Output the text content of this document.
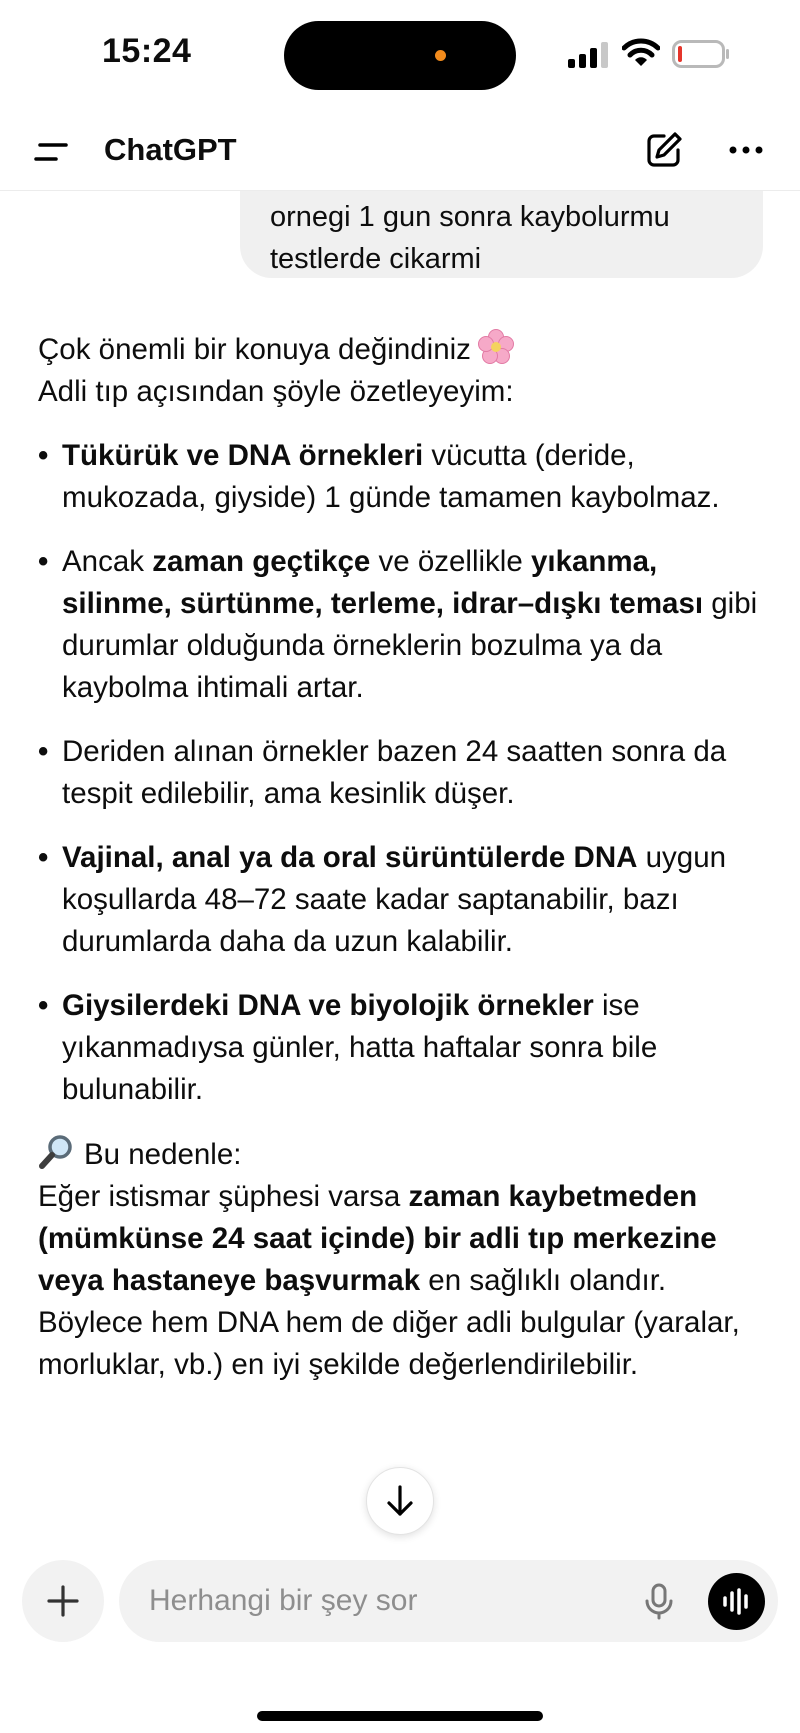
15:24
ChatGPT
ornegi 1 gun sonra kaybolurmu
testlerde cikarmi

Çok önemli bir konuya değindiniz

Adli tıp açısından şöyle özetleyeyim:

• Tükürük ve DNA örnekleri vücutta (deride, mukozada, giyside) 1 günde tamamen kaybolmaz.
• Ancak zaman geçtikçe ve özellikle yıkanma, silinme, sürtünme, terleme, idrar–dışkı teması gibi durumlar olduğunda örneklerin bozulma ya da kaybolma ihtimali artar.
• Deriden alınan örnekler bazen 24 saatten sonra da tespit edilebilir, ama kesinlik düşer.
• Vajinal, anal ya da oral sürüntülerde DNA uygun koşullarda 48–72 saate kadar saptanabilir, bazı durumlarda daha da uzun kalabilir.
• Giysilerdeki DNA ve biyolojik örnekler ise yıkanmadıysa günler, hatta haftalar sonra bile bulunabilir.

Bu nedenle:

Eğer istismar şüphesi varsa zaman kaybetmeden (mümkünse 24 saat içinde) bir adli tıp merkezine veya hastaneye başvurmak en sağlıklı olandır. Böylece hem DNA hem de diğer adli bulgular (yaralar, morluklar, vb.) en iyi şekilde değerlendirilebilir.

Herhangi bir şey sor
